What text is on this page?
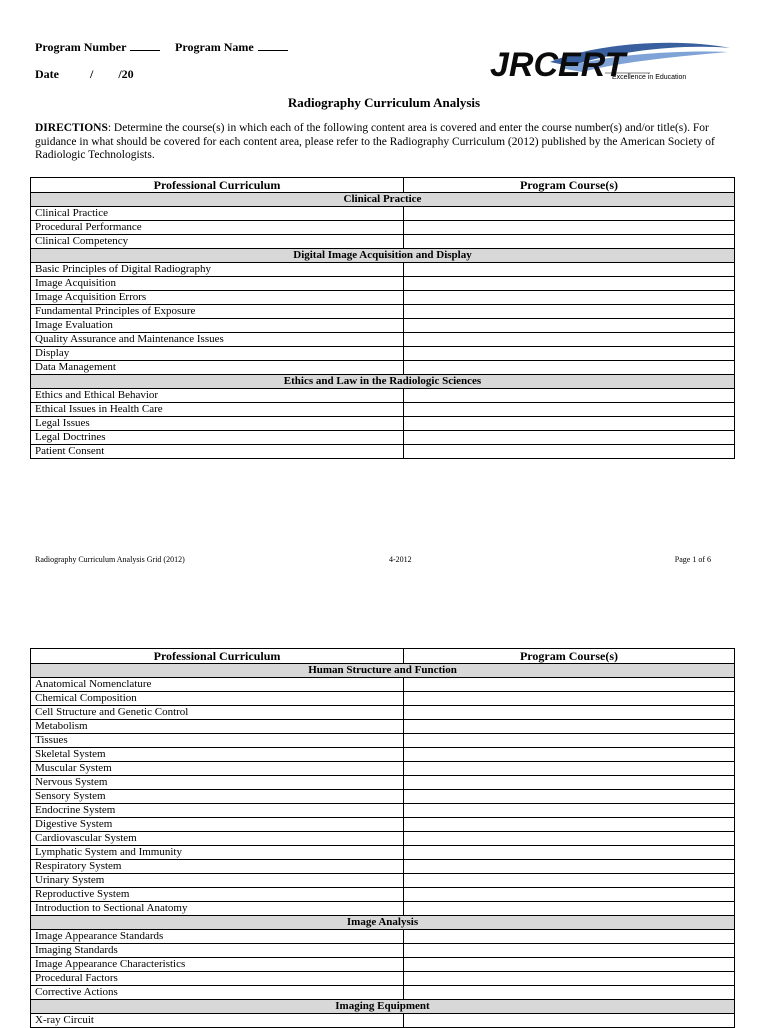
Program Number	Program Name
Date	/ /20	JRCERT
Excellence in Education
Radiography Curriculum Analysis
DIRECTIONS: Determine the course(s) in which each of the following content area is covered and enter the course number(s) and/or title(s). For guidance in what should be covered for each content area, please refer to the Radiography Curriculum (2012) published by the American Society of Radiologic Technologists.
Professional Curriculum	Program Course(s)
Clinical Practice	
Clinical Practice	
Procedural Performance	
Clinical Competency	
Digital Image Acquisition and Display	
Basic Principles of Digital Radiography	
Image Acquisition	
Image Acquisition Errors	
Fundamental Principles of Exposure	
Image Evaluation	
Quality Assurance and Maintenance Issues	
Display	
Data Management	
Ethics and Law in the Radiologic Sciences	
Ethics and Ethical Behavior	
Ethical Issues in Health Care	
Legal Issues	
Legal Doctrines	
Patient Consent	
Radiography Curriculum Analysis Grid (2012)	4-2012	Page 1 of 6
Professional Curriculum	Program Course(s)
Human Structure and Function	
Anatomical Nomenclature	
Chemical Composition	
Cell Structure and Genetic Control	
Metabolism	
Tissues	
Skeletal System	
Muscular System	
Nervous System	
Sensory System	
Endocrine System	
Digestive System	
Cardiovascular System	
Lymphatic System and Immunity	
Respiratory System	
Urinary System	
Reproductive System	
Introduction to Sectional Anatomy	
Image Analysis	
Image Appearance Standards	
Imaging Standards	
Image Appearance Characteristics	
Procedural Factors	
Corrective Actions	
Imaging Equipment	
X-ray Circuit	
